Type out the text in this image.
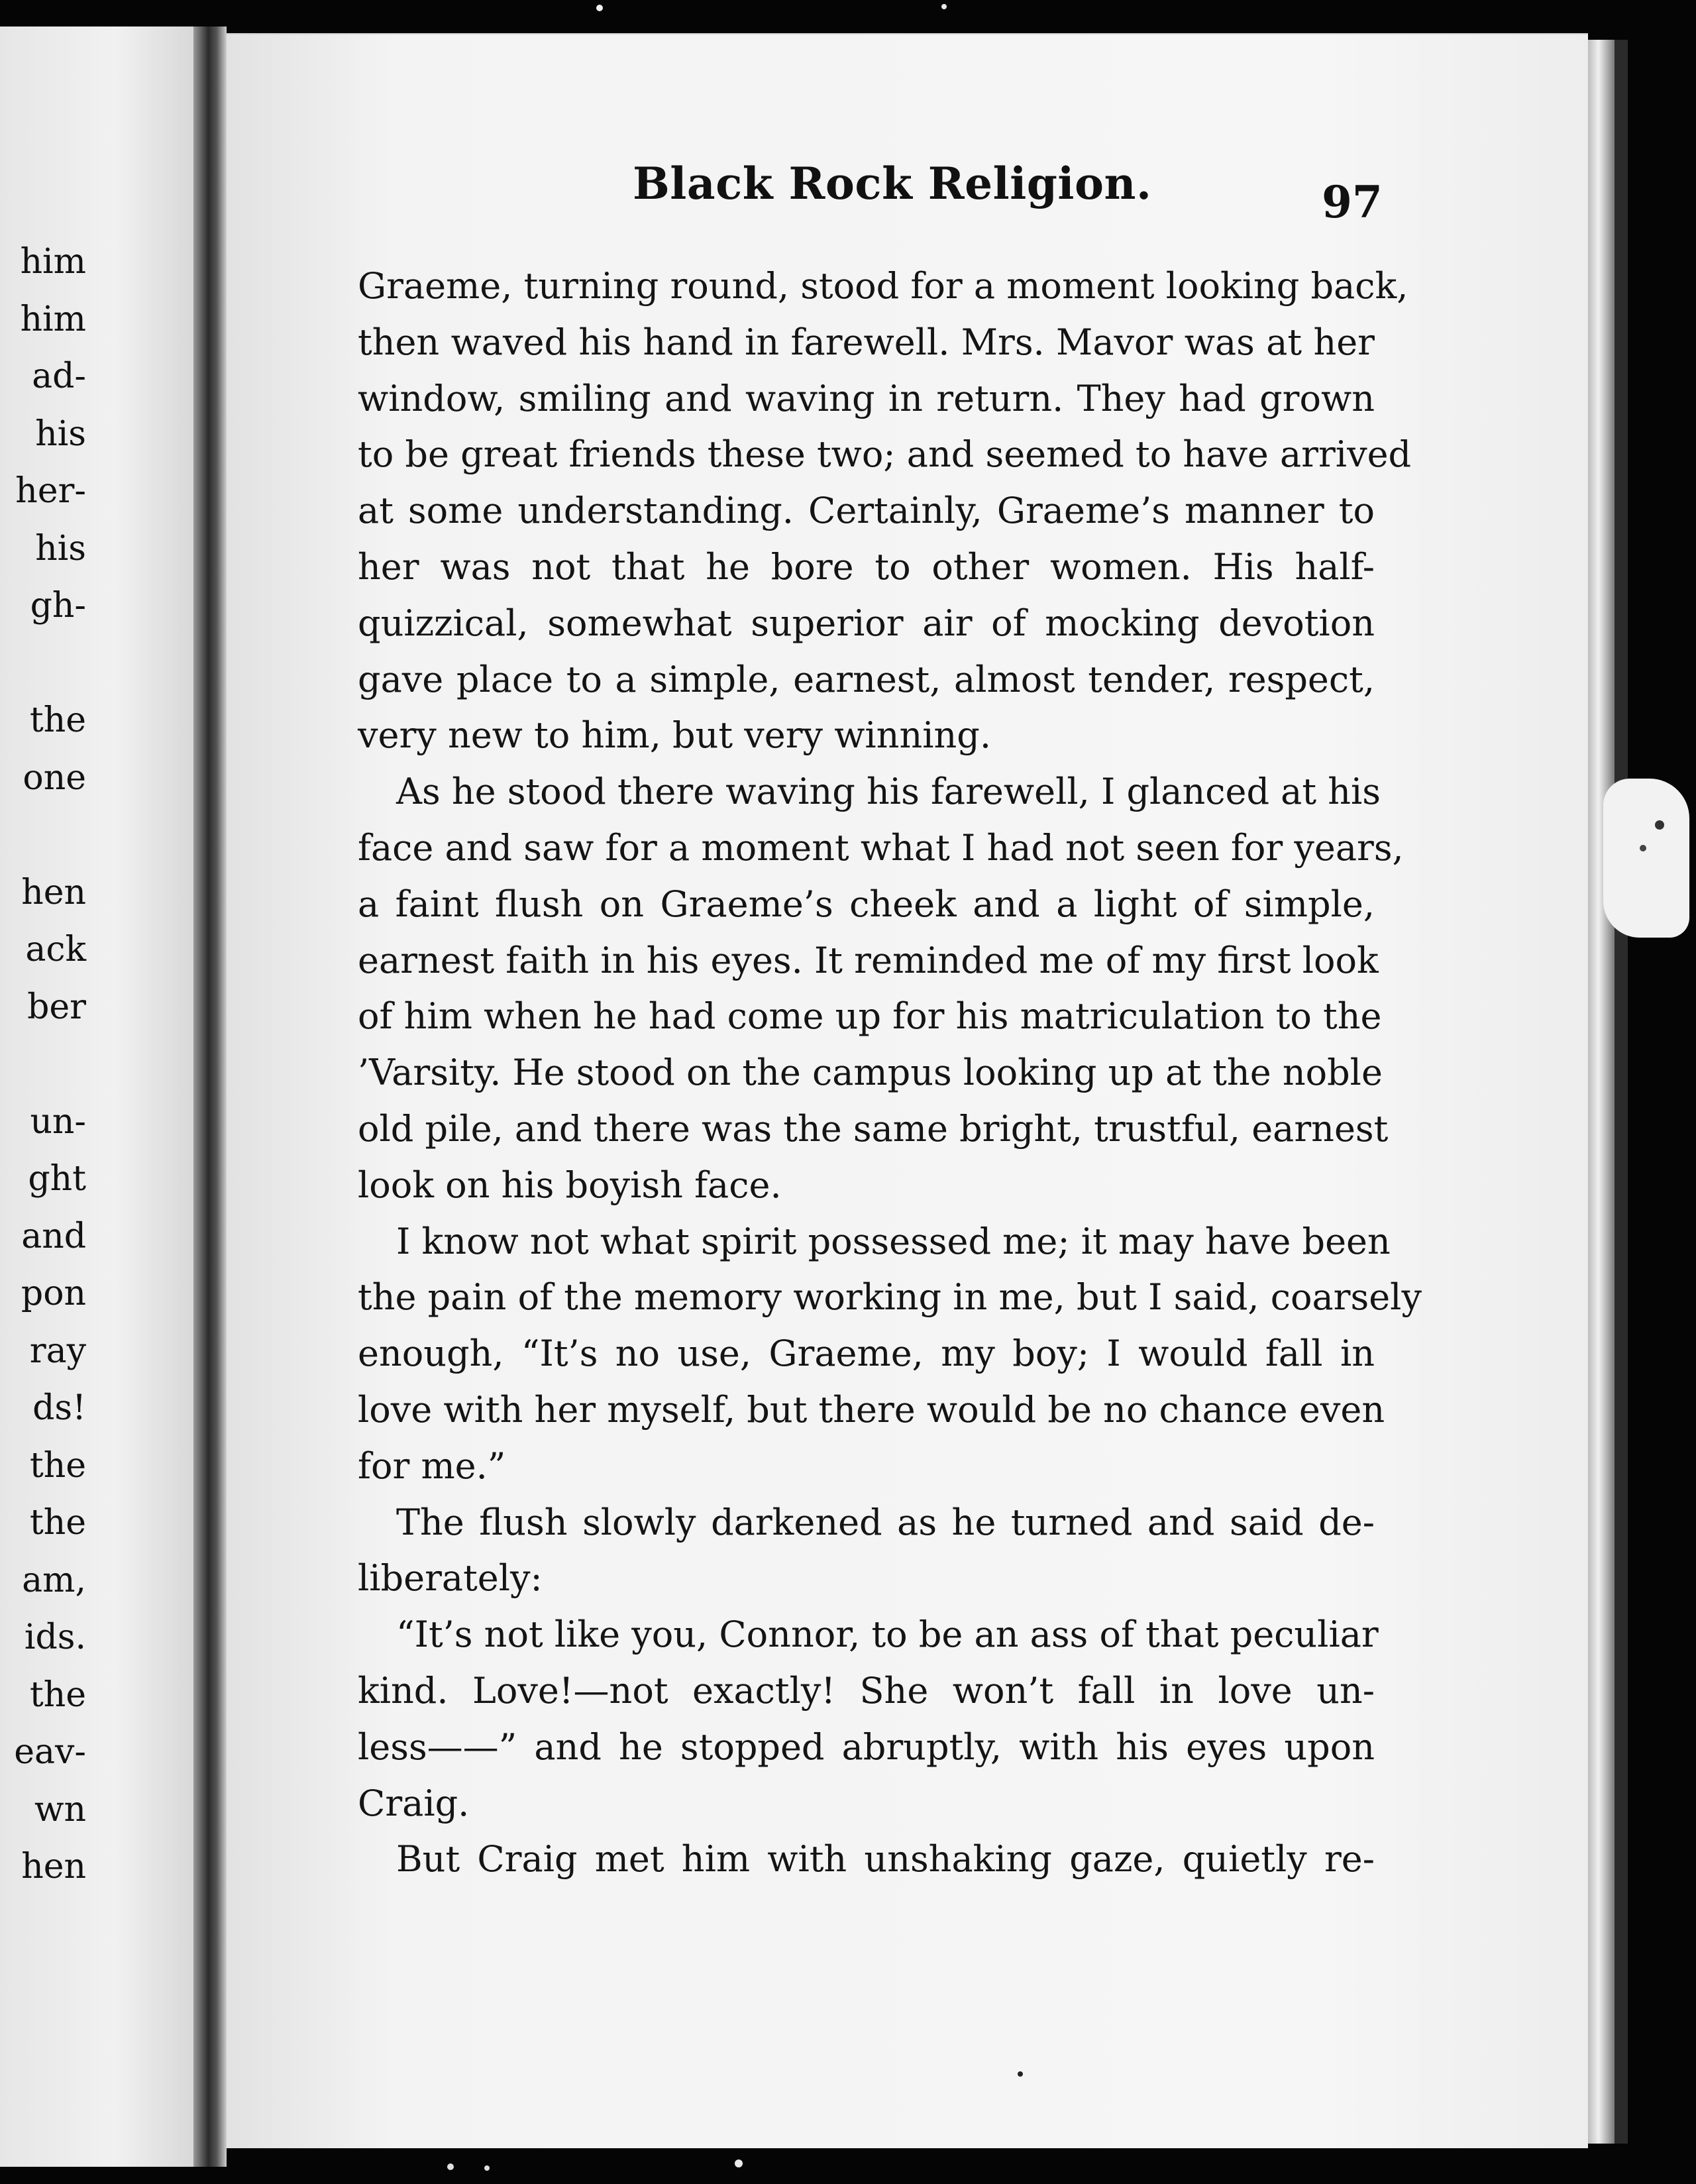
him
him
ad-
his
her-
his
gh-
the
one
hen
ack
ber
un-
ght
and
pon
ray
ds!
the
the
am,
ids.
the
eav-
wn
hen
Black Rock Religion.	97
Graeme, turning round, stood for a moment looking back,
then waved his hand in farewell. Mrs. Mavor was at her
window, smiling and waving in return. They had grown
to be great friends these two; and seemed to have arrived
at some understanding. Certainly, Graeme’s manner to
her was not that he bore to other women. His half-
quizzical, somewhat superior air of mocking devotion
gave place to a simple, earnest, almost tender, respect,
very new to him, but very winning.
As he stood there waving his farewell, I glanced at his
face and saw for a moment what I had not seen for years,
a faint flush on Graeme’s cheek and a light of simple,
earnest faith in his eyes. It reminded me of my first look
of him when he had come up for his matriculation to the
’Varsity. He stood on the campus looking up at the noble
old pile, and there was the same bright, trustful, earnest
look on his boyish face.
I know not what spirit possessed me; it may have been
the pain of the memory working in me, but I said, coarsely
enough, “It’s no use, Graeme, my boy; I would fall in
love with her myself, but there would be no chance even
for me.”
The flush slowly darkened as he turned and said de-
liberately:
“It’s not like you, Connor, to be an ass of that peculiar
kind. Love!—not exactly! She won’t fall in love un-
less——” and he stopped abruptly, with his eyes upon
Craig.
But Craig met him with unshaking gaze, quietly re-
